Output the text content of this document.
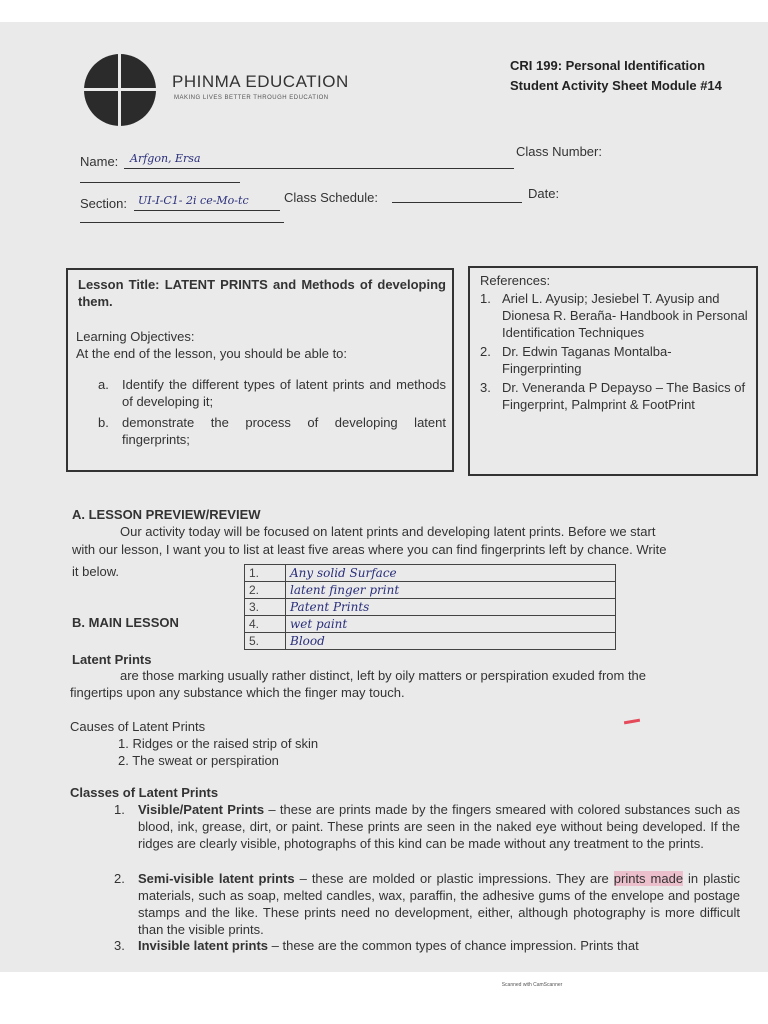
PHINMA EDUCATION
MAKING LIVES BETTER THROUGH EDUCATION
CRI 199: Personal Identification
Student Activity Sheet Module #14
Name: Arfgon, Ersa	Class Number:
Section: UI-I-C1- 2i ce-Mo-tc	Class Schedule:	Date:
Lesson Title: LATENT PRINTS and Methods of developing them.
Learning Objectives:
At the end of the lesson, you should be able to:
a.	Identify the different types of latent prints and methods of developing it;
b.	demonstrate the process of developing latent fingerprints;
References:
1. Ariel L. Ayusip; Jesiebel T. Ayusip and Dionesa R. Beraña- Handbook in Personal Identification Techniques
2. Dr. Edwin Taganas Montalba- Fingerprinting
3. Dr. Veneranda P Depayso – The Basics of Fingerprint, Palmprint & FootPrint
A. LESSON PREVIEW/REVIEW
Our activity today will be focused on latent prints and developing latent prints. Before we start
with our lesson, I want you to list at least five areas where you can find fingerprints left by chance. Write
it below.	1.	Any solid Surface
2.	latent finger print
3.	Patent Prints
4.	wet paint
5.	Blood
B. MAIN LESSON
Latent Prints
are those marking usually rather distinct, left by oily matters or perspiration exuded from the
fingertips upon any substance which the finger may touch.
Causes of Latent Prints
1. Ridges or the raised strip of skin
2. The sweat or perspiration
Classes of Latent Prints
1.	Visible/Patent Prints – these are prints made by the fingers smeared with colored substances such as blood, ink, grease, dirt, or paint. These prints are seen in the naked eye without being developed. If the ridges are clearly visible, photographs of this kind can be made without any treatment to the prints.
2.	Semi-visible latent prints – these are molded or plastic impressions. They are prints made in plastic materials, such as soap, melted candles, wax, paraffin, the adhesive gums of the envelope and postage stamps and the like. These prints need no development, either, although photography is more difficult than the visible prints.
3.	Invisible latent prints – these are the common types of chance impression. Prints that
Scanned with CamScanner
